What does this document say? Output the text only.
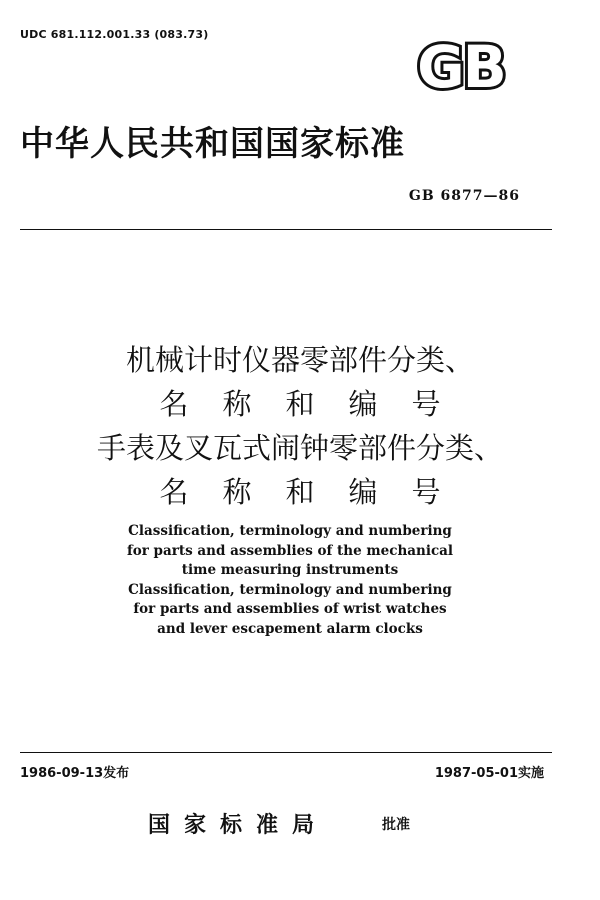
UDC 681.112.001.33 (083.73)	GB
中华人民共和国国家标准
GB 6877—86
机械计时仪器零部件分类、
名称和编号
手表及叉瓦式闹钟零部件分类、
名称和编号
Classification, terminology and numbering
for parts and assemblies of the mechanical
time measuring instruments
Classification, terminology and numbering
for parts and assemblies of wrist watches
and lever escapement alarm clocks
1986-09-13发布	1987-05-01实施
国家标准局	批准
